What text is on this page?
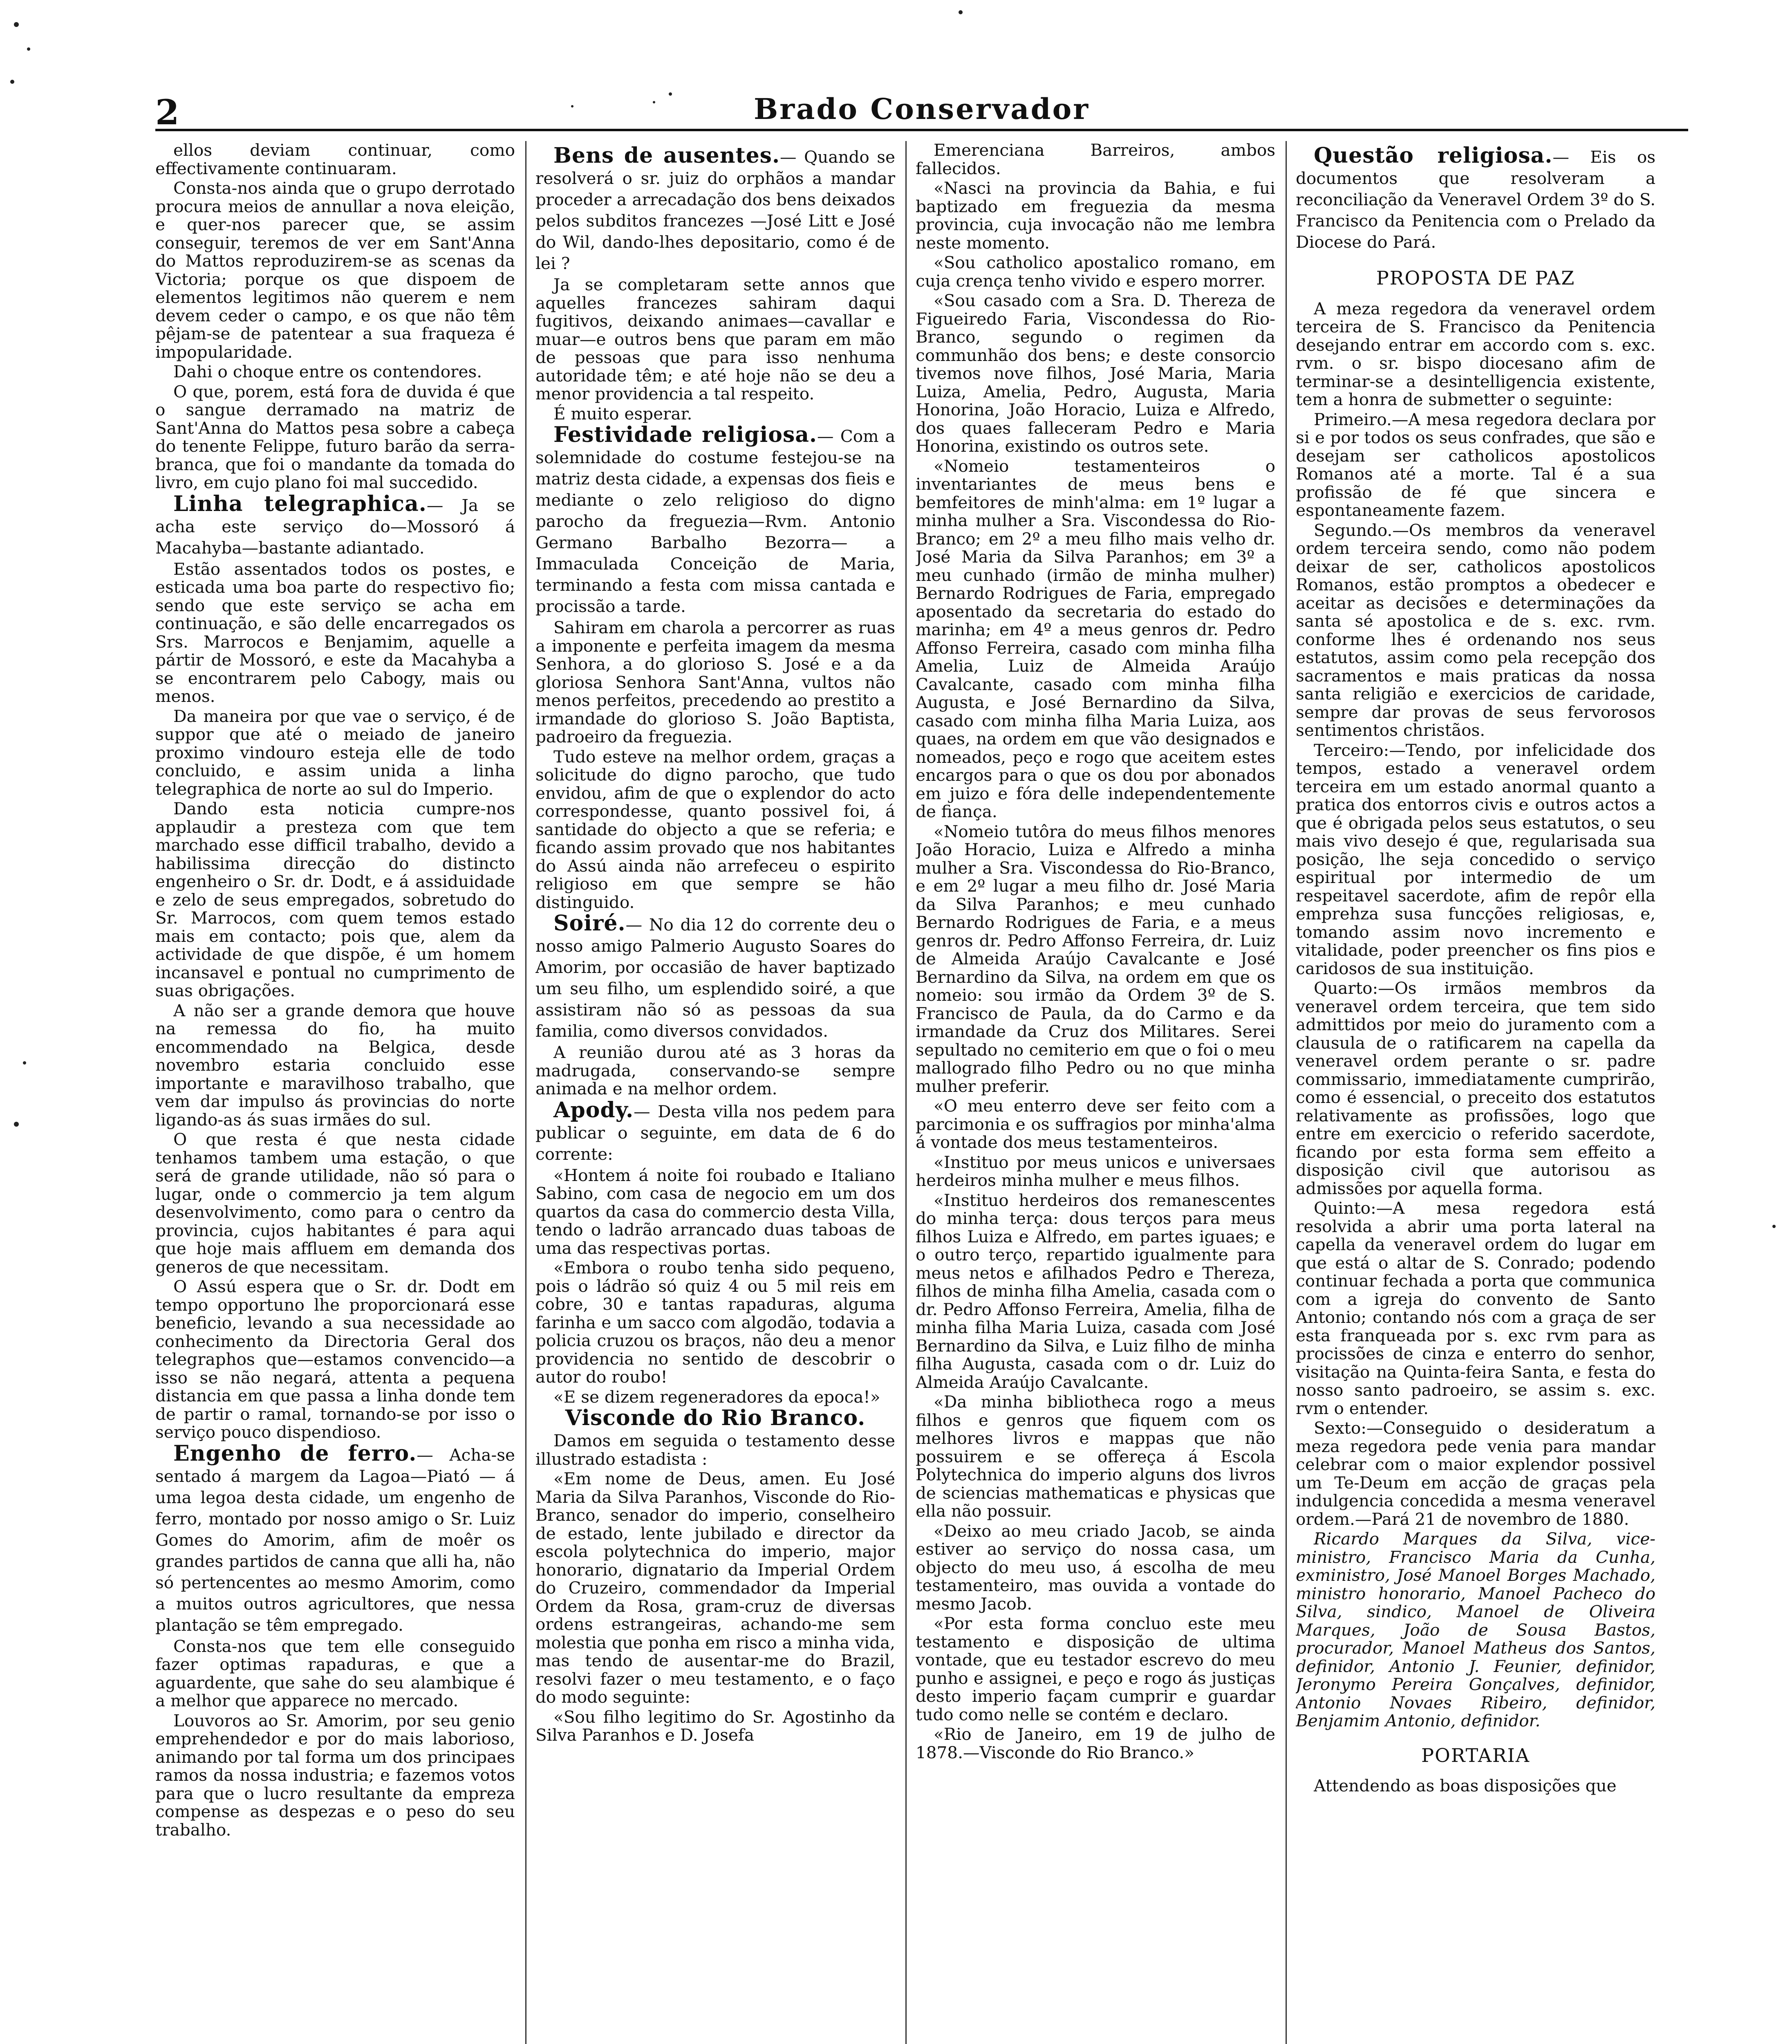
2	Brado Conservador

ellos deviam continuar, como effectivamente continuaram.

Consta-nos ainda que o grupo derrotado procura meios de annullar a nova eleição, e quer-nos parecer que, se assim conseguir, teremos de ver em Sant'Anna do Mattos reproduzirem-se as scenas da Victoria; porque os que dispoem de elementos legitimos não querem e nem devem ceder o campo, e os que não têm pêjam-se de patentear a sua fraqueza é impopularidade.

Dahi o choque entre os contendores.

O que, porem, está fora de duvida é que o sangue derramado na matriz de Sant'Anna do Mattos pesa sobre a cabeça do tenente Felippe, futuro barão da serra-branca, que foi o mandante da tomada do livro, em cujo plano foi mal succedido.

Linha telegraphica.— Ja se acha este serviço do—Mossoró á Macahyba—bastante adiantado.

Estão assentados todos os postes, e esticada uma boa parte do respectivo fio; sendo que este serviço se acha em continuação, e são delle encarregados os Srs. Marrocos e Benjamim, aquelle a pártir de Mossoró, e este da Macahyba a se encontrarem pelo Cabogy, mais ou menos.

Da maneira por que vae o serviço, é de suppor que até o meiado de janeiro proximo vindouro esteja elle de todo concluido, e assim unida a linha telegraphica de norte ao sul do Imperio.

Dando esta noticia cumpre-nos applaudir a presteza com que tem marchado esse difficil trabalho, devido a habilissima direcção do distincto engenheiro o Sr. dr. Dodt, e á assiduidade e zelo de seus empregados, sobretudo do Sr. Marrocos, com quem temos estado mais em contacto; pois que, alem da actividade de que dispõe, é um homem incansavel e pontual no cumprimento de suas obrigações.

A não ser a grande demora que houve na remessa do fio, ha muito encommendado na Belgica, desde novembro estaria concluido esse importante e maravilhoso trabalho, que vem dar impulso ás provincias do norte ligando-as ás suas irmães do sul.

O que resta é que nesta cidade tenhamos tambem uma estação, o que será de grande utilidade, não só para o lugar, onde o commercio ja tem algum desenvolvimento, como para o centro da provincia, cujos habitantes é para aqui que hoje mais affluem em demanda dos generos de que necessitam.

O Assú espera que o Sr. dr. Dodt em tempo opportuno lhe proporcionará esse beneficio, levando a sua necessidade ao conhecimento da Directoria Geral dos telegraphos que—estamos convencido—a isso se não negará, attenta a pequena distancia em que passa a linha donde tem de partir o ramal, tornando-se por isso o serviço pouco dispendioso.

Engenho de ferro.— Acha-se sentado á margem da Lagoa—Piató — á uma legoa desta cidade, um engenho de ferro, montado por nosso amigo o Sr. Luiz Gomes do Amorim, afim de moêr os grandes partidos de canna que alli ha, não só pertencentes ao mesmo Amorim, como a muitos outros agricultores, que nessa plantação se têm empregado.

Consta-nos que tem elle conseguido fazer optimas rapaduras, e que a aguardente, que sahe do seu alambique é a melhor que apparece no mercado.

Louvoros ao Sr. Amorim, por seu genio emprehendedor e por do mais laborioso, animando por tal forma um dos principaes ramos da nossa industria; e fazemos votos para que o lucro resultante da empreza compense as despezas e o peso do seu trabalho.

Bens de ausentes.— Quando se resolverá o sr. juiz do orphãos a mandar proceder a arrecadação dos bens deixados pelos subditos francezes —José Litt e José do Wil, dando-lhes depositario, como é de lei ?

Ja se completaram sette annos que aquelles francezes sahiram daqui fugitivos, deixando animaes—cavallar e muar—e outros bens que param em mão de pessoas que para isso nenhuma autoridade têm; e até hoje não se deu a menor providencia a tal respeito.

É muito esperar.

Festividade religiosa.— Com a solemnidade do costume festejou-se na matriz desta cidade, a expensas dos fieis e mediante o zelo religioso do digno parocho da freguezia—Rvm. Antonio Germano Barbalho Bezorra— a Immaculada Conceição de Maria, terminando a festa com missa cantada e procissão a tarde.

Sahiram em charola a percorrer as ruas a imponente e perfeita imagem da mesma Senhora, a do glorioso S. José e a da gloriosa Senhora Sant'Anna, vultos não menos perfeitos, precedendo ao prestito a irmandade do glorioso S. João Baptista, padroeiro da freguezia.

Tudo esteve na melhor ordem, graças a solicitude do digno parocho, que tudo envidou, afim de que o explendor do acto correspondesse, quanto possivel foi, á santidade do objecto a que se referia; e ficando assim provado que nos habitantes do Assú ainda não arrefeceu o espirito religioso em que sempre se hão distinguido.

Soiré.— No dia 12 do corrente deu o nosso amigo Palmerio Augusto Soares do Amorim, por occasião de haver baptizado um seu filho, um esplendido soiré, a que assistiram não só as pessoas da sua familia, como diversos convidados.

A reunião durou até as 3 horas da madrugada, conservando-se sempre animada e na melhor ordem.

Apody.— Desta villa nos pedem para publicar o seguinte, em data de 6 do corrente:

«Hontem á noite foi roubado e Italiano Sabino, com casa de negocio em um dos quartos da casa do commercio desta Villa, tendo o ladrão arrancado duas taboas de uma das respectivas portas.

«Embora o roubo tenha sido pequeno, pois o ládrão só quiz 4 ou 5 mil reis em cobre, 30 e tantas rapaduras, alguma farinha e um sacco com algodão, todavia a policia cruzou os braços, não deu a menor providencia no sentido de descobrir o autor do roubo!

«E se dizem regeneradores da epoca!»

Visconde do Rio Branco.

Damos em seguida o testamento desse illustrado estadista :

«Em nome de Deus, amen. Eu José Maria da Silva Paranhos, Visconde do Rio-Branco, senador do imperio, conselheiro de estado, lente jubilado e director da escola polytechnica do imperio, major honorario, dignatario da Imperial Ordem do Cruzeiro, commendador da Imperial Ordem da Rosa, gram-cruz de diversas ordens estrangeiras, achando-me sem molestia que ponha em risco a minha vida, mas tendo de ausentar-me do Brazil, resolvi fazer o meu testamento, e o faço do modo seguinte:

«Sou filho legitimo do Sr. Agostinho da Silva Paranhos e D. Josefa

Emerenciana Barreiros, ambos fallecidos.

«Nasci na provincia da Bahia, e fui baptizado em freguezia da mesma provincia, cuja invocação não me lembra neste momento.

«Sou catholico apostalico romano, em cuja crença tenho vivido e espero morrer.

«Sou casado com a Sra. D. Thereza de Figueiredo Faria, Viscondessa do Rio-Branco, segundo o regimen da communhão dos bens; e deste consorcio tivemos nove filhos, José Maria, Maria Luiza, Amelia, Pedro, Augusta, Maria Honorina, João Horacio, Luiza e Alfredo, dos quaes falleceram Pedro e Maria Honorina, existindo os outros sete.

«Nomeio testamenteiros o inventariantes de meus bens e bemfeitores de minh'alma: em 1º lugar a minha mulher a Sra. Viscondessa do Rio-Branco; em 2º a meu filho mais velho dr. José Maria da Silva Paranhos; em 3º a meu cunhado (irmão de minha mulher) Bernardo Rodrigues de Faria, empregado aposentado da secretaria do estado do marinha; em 4º a meus genros dr. Pedro Affonso Ferreira, casado com minha filha Amelia, Luiz de Almeida Araújo Cavalcante, casado com minha filha Augusta, e José Bernardino da Silva, casado com minha filha Maria Luiza, aos quaes, na ordem em que vão designados e nomeados, peço e rogo que aceitem estes encargos para o que os dou por abonados em juizo e fóra delle independentemente de fiança.

«Nomeio tutôra do meus filhos menores João Horacio, Luiza e Alfredo a minha mulher a Sra. Viscondessa do Rio-Branco, e em 2º lugar a meu filho dr. José Maria da Silva Paranhos; e meu cunhado Bernardo Rodrigues de Faria, e a meus genros dr. Pedro Affonso Ferreira, dr. Luiz de Almeida Araújo Cavalcante e José Bernardino da Silva, na ordem em que os nomeio: sou irmão da Ordem 3º de S. Francisco de Paula, da do Carmo e da irmandade da Cruz dos Militares. Serei sepultado no cemiterio em que o foi o meu mallogrado filho Pedro ou no que minha mulher preferir.

«O meu enterro deve ser feito com a parcimonia e os suffragios por minha'alma á vontade dos meus testamenteiros.

«Instituo por meus unicos e universaes herdeiros minha mulher e meus filhos.

«Instituo herdeiros dos remanescentes do minha terça: dous terços para meus filhos Luiza e Alfredo, em partes iguaes; e o outro terço, repartido igualmente para meus netos e afilhados Pedro e Thereza, filhos de minha filha Amelia, casada com o dr. Pedro Affonso Ferreira, Amelia, filha de minha filha Maria Luiza, casada com José Bernardino da Silva, e Luiz filho de minha filha Augusta, casada com o dr. Luiz do Almeida Araújo Cavalcante.

«Da minha bibliotheca rogo a meus filhos e genros que fiquem com os melhores livros e mappas que não possuirem e se offereça á Escola Polytechnica do imperio alguns dos livros de sciencias mathematicas e physicas que ella não possuir.

«Deixo ao meu criado Jacob, se ainda estiver ao serviço do nossa casa, um objecto do meu uso, á escolha de meu testamenteiro, mas ouvida a vontade do mesmo Jacob.

«Por esta forma concluo este meu testamento e disposição de ultima vontade, que eu testador escrevo do meu punho e assignei, e peço e rogo ás justiças desto imperio façam cumprir e guardar tudo como nelle se contém e declaro.

«Rio de Janeiro, em 19 de julho de 1878.—Visconde do Rio Branco.»

Questão religiosa.— Eis os documentos que resolveram a reconciliação da Veneravel Ordem 3º do S. Francisco da Penitencia com o Prelado da Diocese do Pará.

PROPOSTA DE PAZ

A meza regedora da veneravel ordem terceira de S. Francisco da Penitencia desejando entrar em accordo com s. exc. rvm. o sr. bispo diocesano afim de terminar-se a desintelligencia existente, tem a honra de submetter o seguinte:

Primeiro.—A mesa regedora declara por si e por todos os seus confrades, que são e desejam ser catholicos apostolicos Romanos até a morte. Tal é a sua profissão de fé que sincera e espontaneamente fazem.

Segundo.—Os membros da veneravel ordem terceira sendo, como não podem deixar de ser, catholicos apostolicos Romanos, estão promptos a obedecer e aceitar as decisões e determinações da santa sé apostolica e de s. exc. rvm. conforme lhes é ordenando nos seus estatutos, assim como pela recepção dos sacramentos e mais praticas da nossa santa religião e exercicios de caridade, sempre dar provas de seus fervorosos sentimentos christãos.

Terceiro:—Tendo, por infelicidade dos tempos, estado a veneravel ordem terceira em um estado anormal quanto a pratica dos entorros civis e outros actos a que é obrigada pelos seus estatutos, o seu mais vivo desejo é que, regularisada sua posição, lhe seja concedido o serviço espiritual por intermedio de um respeitavel sacerdote, afim de repôr ella emprehza susa funcções religiosas, e, tomando assim novo incremento e vitalidade, poder preencher os fins pios e caridosos de sua instituição.

Quarto:—Os irmãos membros da veneravel ordem terceira, que tem sido admittidos por meio do juramento com a clausula de o ratificarem na capella da veneravel ordem perante o sr. padre commissario, immediatamente cumprirão, como é essencial, o preceito dos estatutos relativamente as profissões, logo que entre em exercicio o referido sacerdote, ficando por esta forma sem effeito a disposição civil que autorisou as admissões por aquella forma.

Quinto:—A mesa regedora está resolvida a abrir uma porta lateral na capella da veneravel ordem do lugar em que está o altar de S. Conrado; podendo continuar fechada a porta que communica com a igreja do convento de Santo Antonio; contando nós com a graça de ser esta franqueada por s. exc rvm para as procissões de cinza e enterro do senhor, visitação na Quinta-feira Santa, e festa do nosso santo padroeiro, se assim s. exc. rvm o entender.

Sexto:—Conseguido o desideratum a meza regedora pede venia para mandar celebrar com o maior explendor possivel um Te-Deum em acção de graças pela indulgencia concedida a mesma veneravel ordem.—Pará 21 de novembro de 1880.

Ricardo Marques da Silva, vice-ministro, Francisco Maria da Cunha, exministro, José Manoel Borges Machado, ministro honorario, Manoel Pacheco do Silva, sindico, Manoel de Oliveira Marques, João de Sousa Bastos, procurador, Manoel Matheus dos Santos, definidor, Antonio J. Feunier, definidor, Jeronymo Pereira Gonçalves, definidor, Antonio Novaes Ribeiro, definidor, Benjamim Antonio, definidor.

PORTARIA

Attendendo as boas disposições que
